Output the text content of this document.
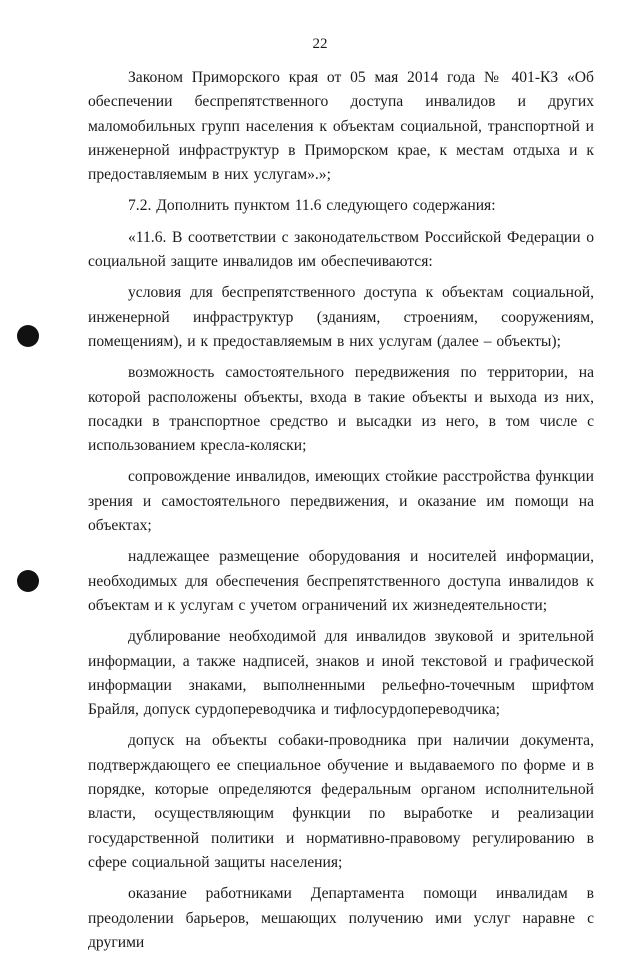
22

Законом Приморского края от 05 мая 2014 года № 401-КЗ «Об обеспечении беспрепятственного доступа инвалидов и других маломобильных групп населения к объектам социальной, транспортной и инженерной инфраструктур в Приморском крае, к местам отдыха и к предоставляемым в них услугам».»;

7.2. Дополнить пунктом 11.6 следующего содержания:

«11.6. В соответствии с законодательством Российской Федерации о социальной защите инвалидов им обеспечиваются:

условия для беспрепятственного доступа к объектам социальной, инженерной инфраструктур (зданиям, строениям, сооружениям, помещениям), и к предоставляемым в них услугам (далее – объекты);

возможность самостоятельного передвижения по территории, на которой расположены объекты, входа в такие объекты и выхода из них, посадки в транспортное средство и высадки из него, в том числе с использованием кресла-коляски;

сопровождение инвалидов, имеющих стойкие расстройства функции зрения и самостоятельного передвижения, и оказание им помощи на объектах;

надлежащее размещение оборудования и носителей информации, необходимых для обеспечения беспрепятственного доступа инвалидов к объектам и к услугам с учетом ограничений их жизнедеятельности;

дублирование необходимой для инвалидов звуковой и зрительной информации, а также надписей, знаков и иной текстовой и графической информации знаками, выполненными рельефно-точечным шрифтом Брайля, допуск сурдопереводчика и тифлосурдопереводчика;

допуск на объекты собаки-проводника при наличии документа, подтверждающего ее специальное обучение и выдаваемого по форме и в порядке, которые определяются федеральным органом исполнительной власти, осуществляющим функции по выработке и реализации государственной политики и нормативно-правовому регулированию в сфере социальной защиты населения;

оказание работниками Департамента помощи инвалидам в преодолении барьеров, мешающих получению ими услуг наравне с другими
